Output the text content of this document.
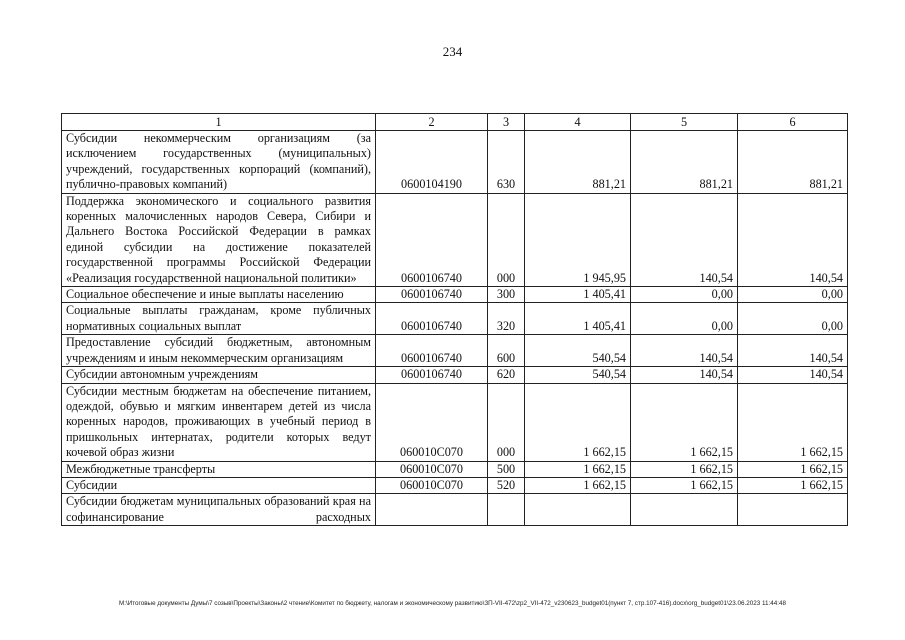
234
1	2	3	4	5	6
Субсидии некоммерческим организациям (за исключением государственных (муниципальных) учреждений, государственных корпораций (компаний), публично-правовых компаний)	0600104190	630	881,21	881,21	881,21
Поддержка экономического и социального развития коренных малочисленных народов Севера, Сибири и Дальнего Востока Российской Федерации в рамках единой субсидии на достижение показателей государственной программы Российской Федерации «Реализация государственной национальной политики»	0600106740	000	1 945,95	140,54	140,54
Социальное обеспечение и иные выплаты населению	0600106740	300	1 405,41	0,00	0,00
Социальные выплаты гражданам, кроме публичных нормативных социальных выплат	0600106740	320	1 405,41	0,00	0,00
Предоставление субсидий бюджетным, автономным учреждениям и иным некоммерческим организациям	0600106740	600	540,54	140,54	140,54
Субсидии автономным учреждениям	0600106740	620	540,54	140,54	140,54
Субсидии местным бюджетам на обеспечение питанием, одеждой, обувью и мягким инвентарем детей из числа коренных народов, проживающих в учебный период в пришкольных интернатах, родители которых ведут кочевой образ жизни	060010С070	000	1 662,15	1 662,15	1 662,15
Межбюджетные трансферты	060010С070	500	1 662,15	1 662,15	1 662,15
Субсидии	060010С070	520	1 662,15	1 662,15	1 662,15
Субсидии бюджетам муниципальных образований края на софинансирование расходных					
M:\Итоговые документы Думы\7 созыв\Проекты\Законы\2 чтение\Комитет по бюджету, налогам и экономическому развитию\ЗП-VII-472\zp2_VII-472_v230623_budget01(пункт 7, стр.107-416).docx\org_budget01\23.06.2023 11:44:48
